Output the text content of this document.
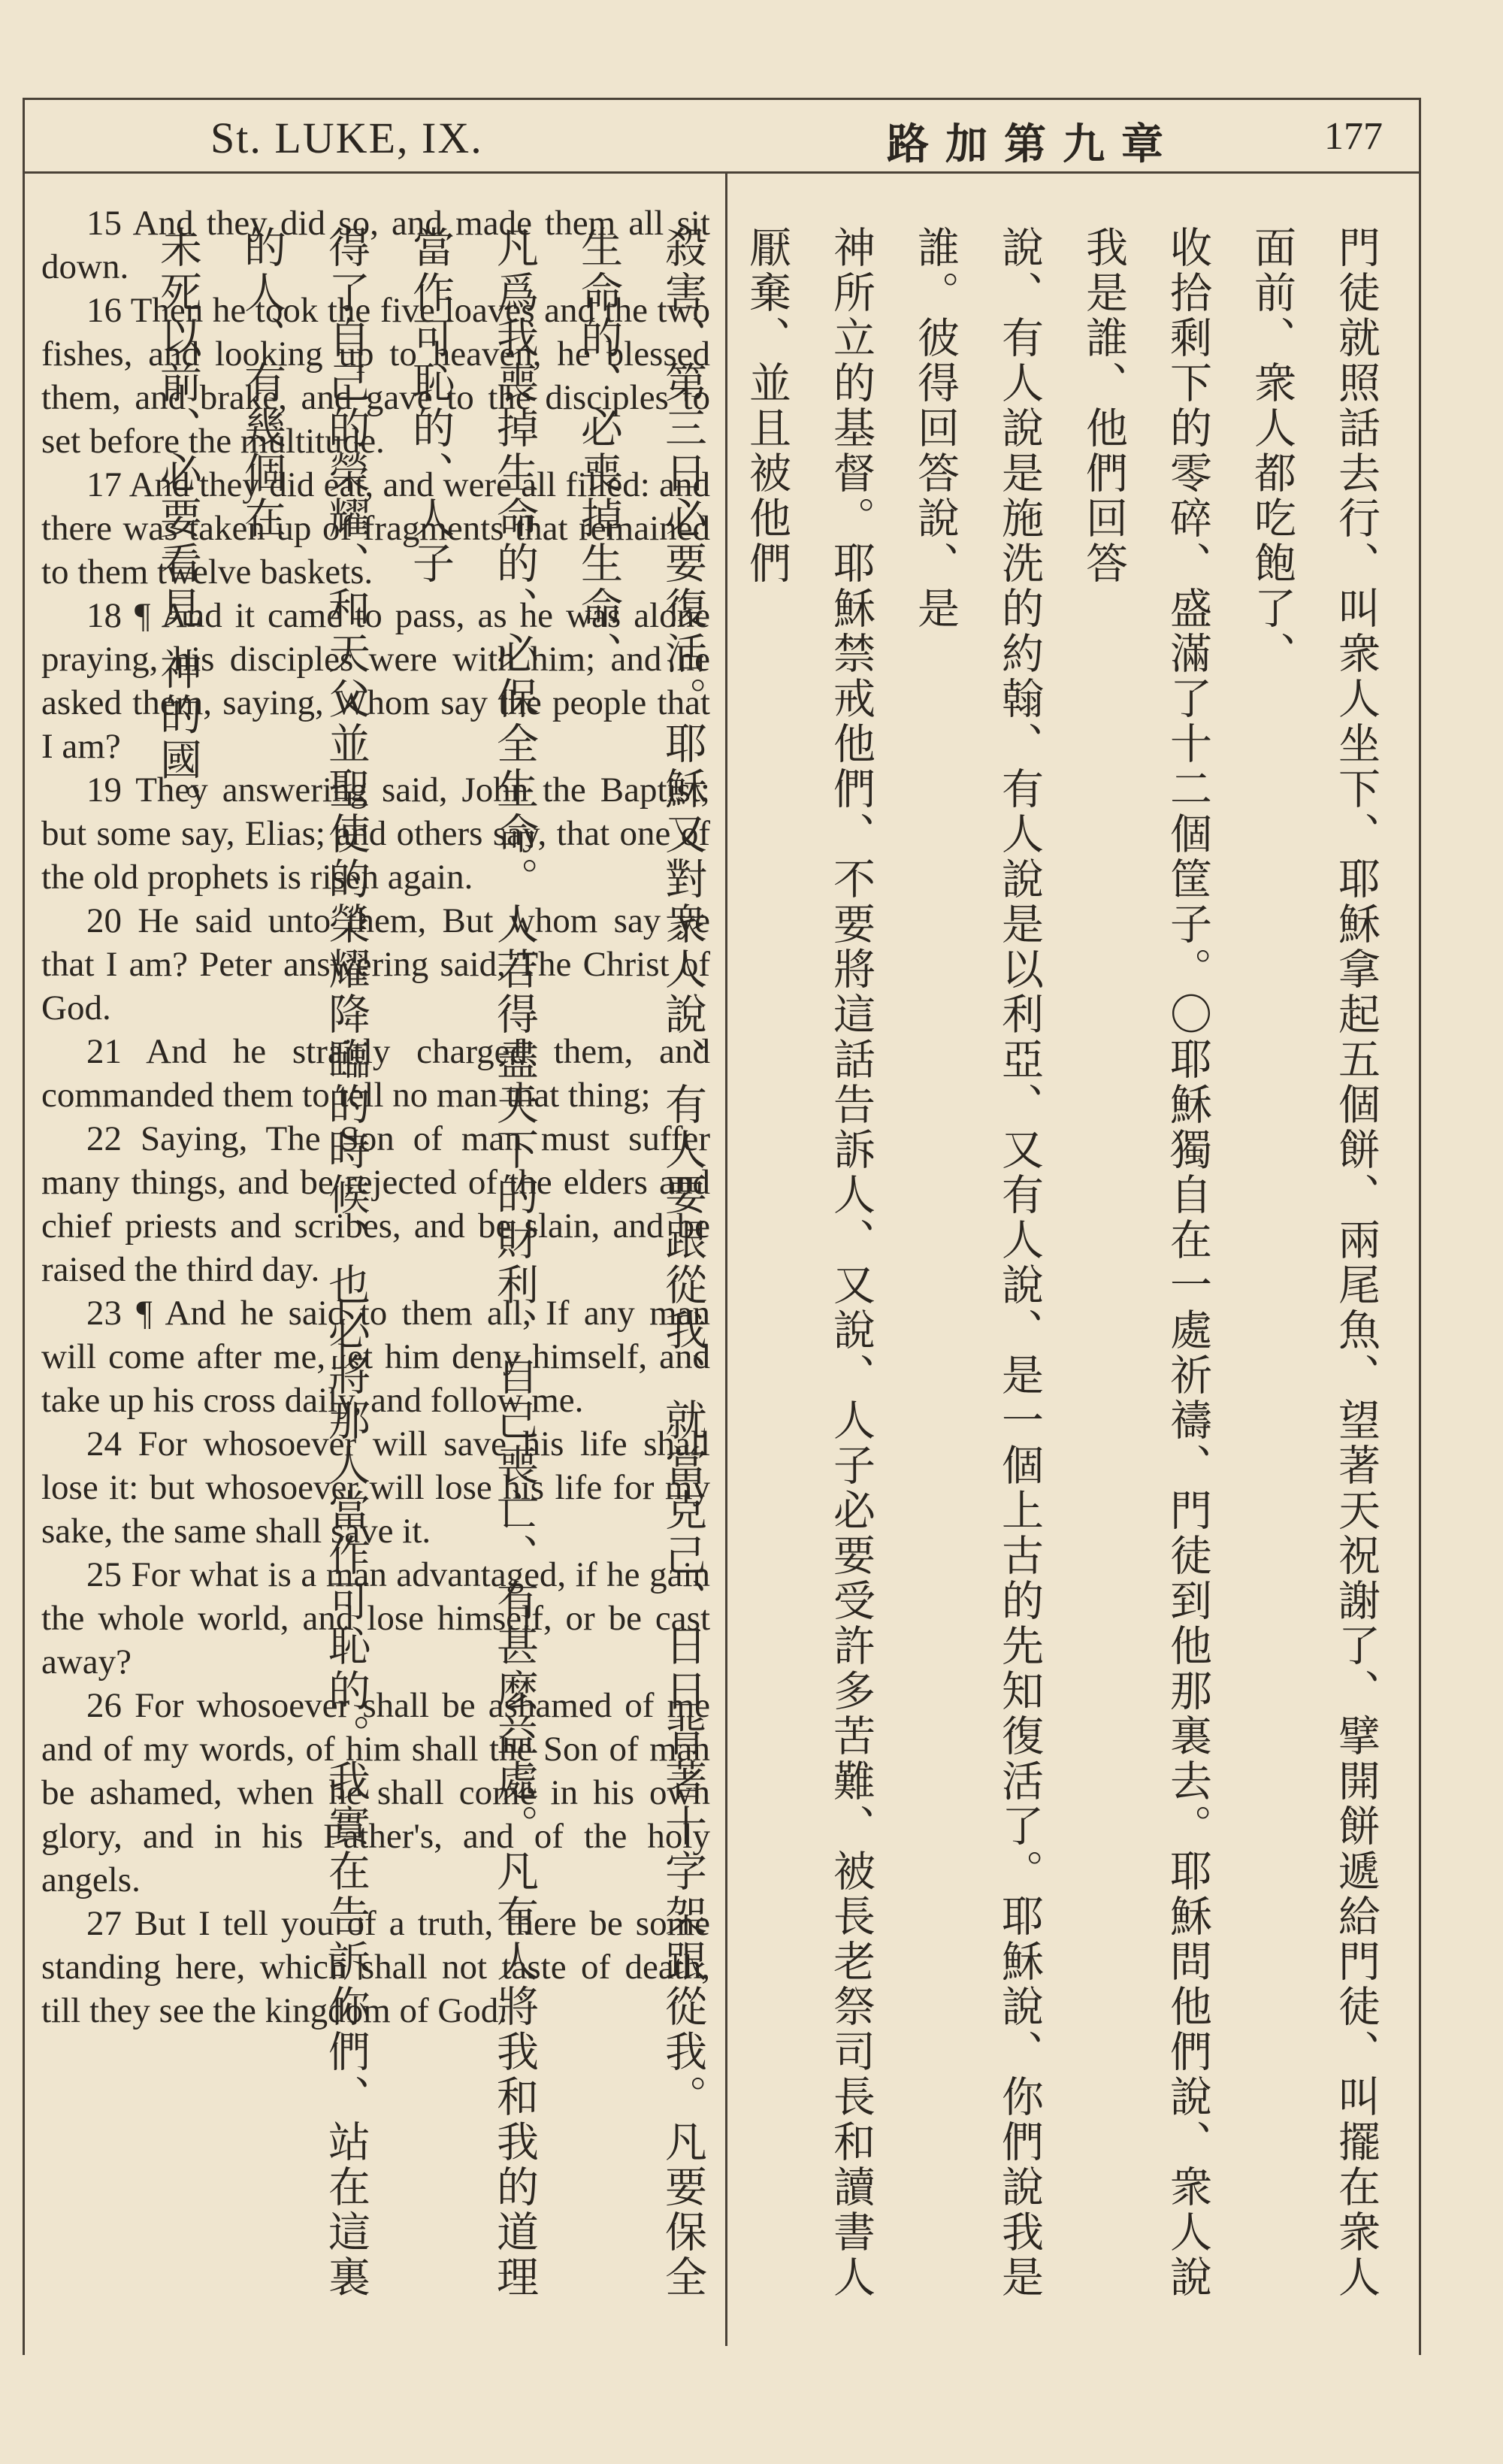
St. LUKE, IX.	路加第九章	177

15 And they did so, and made them all sit down.

16 Then he took the five loaves and the two fishes, and looking up to heaven, he blessed them, and brake, and gave to the disciples to set before the multitude.

17 And they did eat, and were all filled: and there was taken up of fragments that remained to them twelve baskets.

18 ¶ And it came to pass, as he was alone praying, his disciples were with him; and he asked them, saying, Whom say the people that I am?

19 They answering said, John the Baptist; but some say, Elias; and others say, that one of the old prophets is risen again.

20 He said unto them, But whom say ye that I am? Peter answering said, The Christ of God.

21 And he straitly charged them, and commanded them to tell no man that thing;

22 Saying, The Son of man must suffer many things, and be rejected of the elders and chief priests and scribes, and be slain, and be raised the third day.

23 ¶ And he said to them all, If any man will come after me, let him deny himself, and take up his cross daily, and follow me.

24 For whosoever will save his life shall lose it: but whosoever will lose his life for my sake, the same shall save it.

25 For what is a man advantaged, if he gain the whole world, and lose himself, or be cast away?

26 For whosoever shall be ashamed of me and of my words, of him shall the Son of man be ashamed, when he shall come in his own glory, and in his Father's, and of the holy angels.

27 But I tell you of a truth, there be some standing here, which shall not taste of death, till they see the kingdom of God.	門徒就照話去行、叫衆人坐下、耶穌拿起五個餅、兩尾魚、望著天祝謝了、擘開餅遞給門徒、叫擺在衆人面前、衆人都吃飽了、
收拾剩下的零碎、盛滿了十二個筐子。〇耶穌獨自在一處祈禱、門徒到他那裏去。耶穌問他們說、衆人說我是誰、他們回答
說、有人說是施洗的約翰、有人說是以利亞、又有人說、是一個上古的先知復活了。耶穌說、你們說我是誰。彼得回答說、是
神所立的基督。耶穌禁戒他們、不要將這話告訴人、又說、人子必要受許多苦難、被長老祭司長和讀書人厭棄、並且被他們
殺害、第三日必要復活。耶穌又對衆人說、有人要跟從我、就當克己、日日背著十字架跟從我。凡要保全生命的、必喪掉生命、
凡爲我喪掉生命的、必保全生命。人若得盡天下的財利、自己喪亡、有甚麽益處。凡有人將我和我的道理當作可恥的、人子
得了自己的榮耀、和天父並聖使的榮耀降臨的時候、也必將那人當作可恥的。我實在告訴你們、站在這裏的人、有幾個在
未死以前、必要看見 神的國。
